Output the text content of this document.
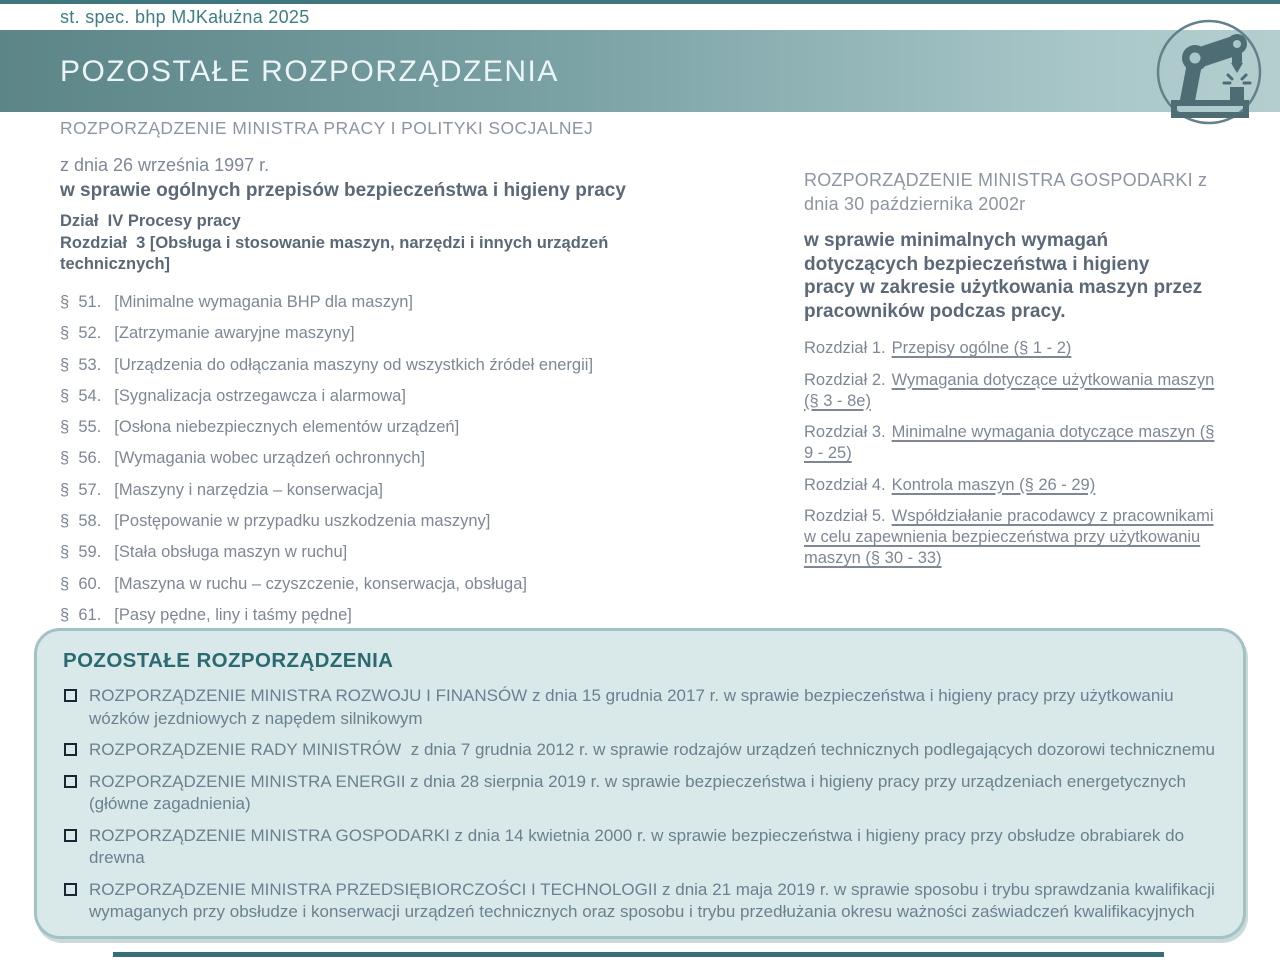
st. spec. bhp MJKałużna 2025
POZOSTAŁE ROZPORZĄDZENIA
ROZPORZĄDZENIE MINISTRA PRACY I POLITYKI SOCJALNEJ
z dnia 26 września 1997 r.
w sprawie ogólnych przepisów bezpieczeństwa i higieny pracy
Dział  IV Procesy pracy
Rozdział  3 [Obsługa i stosowanie maszyn, narzędzi i innych urządzeń technicznych]
§  51. [Minimalne wymagania BHP dla maszyn]
§  52. [Zatrzymanie awaryjne maszyny]
§  53. [Urządzenia do odłączania maszyny od wszystkich źródeł energii]
§  54. [Sygnalizacja ostrzegawcza i alarmowa]
§  55. [Osłona niebezpiecznych elementów urządzeń]
§  56. [Wymagania wobec urządzeń ochronnych]
§  57. [Maszyny i narzędzia – konserwacja]
§  58. [Postępowanie w przypadku uszkodzenia maszyny]
§  59. [Stała obsługa maszyn w ruchu]
§  60. [Maszyna w ruchu – czyszczenie, konserwacja, obsługa]
§  61. [Pasy pędne, liny i taśmy pędne]
ROZPORZĄDZENIE MINISTRA GOSPODARKI z dnia 30 października 2002r
w sprawie minimalnych wymagań dotyczących bezpieczeństwa i higieny pracy w zakresie użytkowania maszyn przez pracowników podczas pracy.
Rozdział 1. Przepisy ogólne (§ 1 - 2)
Rozdział 2. Wymagania dotyczące użytkowania maszyn (§ 3 - 8e)
Rozdział 3. Minimalne wymagania dotyczące maszyn (§ 9 - 25)
Rozdział 4. Kontrola maszyn (§ 26 - 29)
Rozdział 5. Współdziałanie pracodawcy z pracownikami w celu zapewnienia bezpieczeństwa przy użytkowaniu maszyn (§ 30 - 33)
POZOSTAŁE ROZPORZĄDZENIA
ROZPORZĄDZENIE MINISTRA ROZWOJU I FINANSÓW z dnia 15 grudnia 2017 r. w sprawie bezpieczeństwa i higieny pracy przy użytkowaniu wózków jezdniowych z napędem silnikowym
ROZPORZĄDZENIE RADY MINISTRÓW  z dnia 7 grudnia 2012 r. w sprawie rodzajów urządzeń technicznych podlegających dozorowi technicznemu
ROZPORZĄDZENIE MINISTRA ENERGII z dnia 28 sierpnia 2019 r. w sprawie bezpieczeństwa i higieny pracy przy urządzeniach energetycznych (główne zagadnienia)
ROZPORZĄDZENIE MINISTRA GOSPODARKI z dnia 14 kwietnia 2000 r. w sprawie bezpieczeństwa i higieny pracy przy obsłudze obrabiarek do drewna
ROZPORZĄDZENIE MINISTRA PRZEDSIĘBIORCZOŚCI I TECHNOLOGII z dnia 21 maja 2019 r. w sprawie sposobu i trybu sprawdzania kwalifikacji wymaganych przy obsłudze i konserwacji urządzeń technicznych oraz sposobu i trybu przedłużania okresu ważności zaświadczeń kwalifikacyjnych
